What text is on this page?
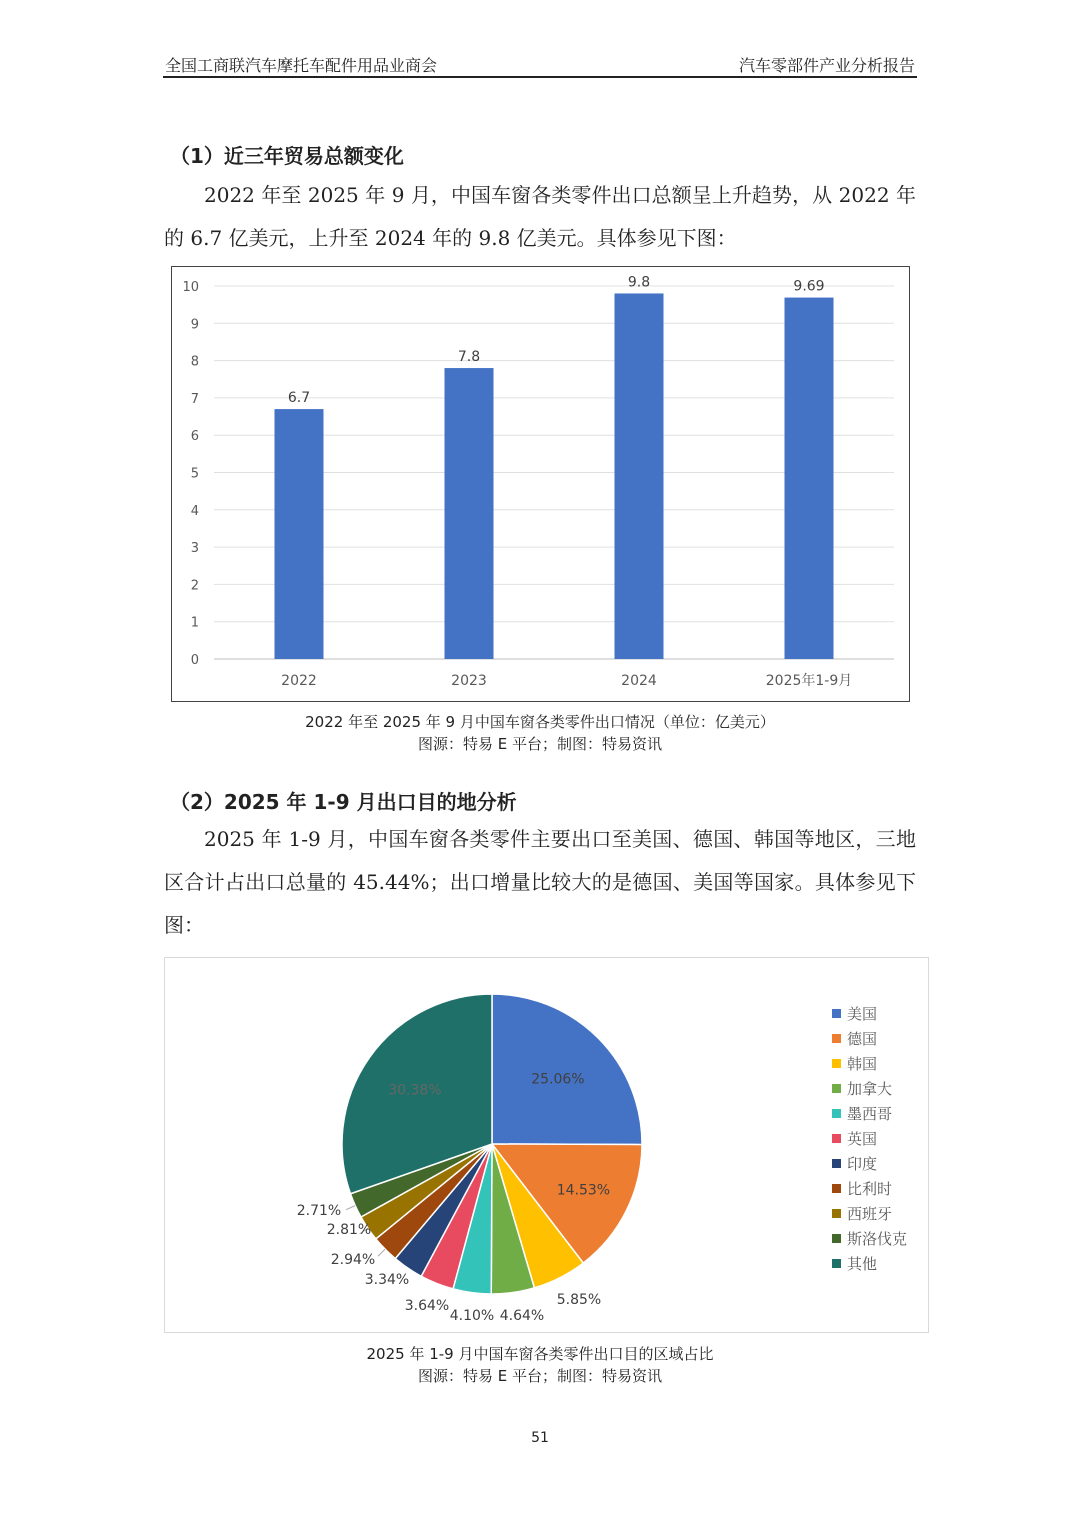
全国工商联汽车摩托车配件用品业商会	汽车零部件产业分析报告
（1）近三年贸易总额变化

2022 年至 2025 年 9 月，中国车窗各类零件出口总额呈上升趋势，从 2022 年的 6.7 亿美元，上升至 2024 年的 9.8 亿美元。具体参见下图：

0
1
2
3
4
5
6
7
8
9
10
6.7
2022
7.8
2023
9.8
2024
9.69
2025年1-9月
2022 年至 2025 年 9 月中国车窗各类零件出口情况（单位：亿美元）
图源：特易 E 平台；制图：特易资讯
（2）2025 年 1-9 月出口目的地分析

2025 年 1-9 月，中国车窗各类零件主要出口至美国、德国、韩国等地区，三地区合计占出口总量的 45.44%；出口增量比较大的是德国、美国等国家。具体参见下图：

25.06%
14.53%
5.85%
4.64%
4.10%
3.64%
3.34%
2.94%
2.81%
2.71%
30.38%
美国
德国
韩国
加拿大
墨西哥
英国
印度
比利时
西班牙
斯洛伐克
其他
2025 年 1-9 月中国车窗各类零件出口目的区域占比
图源：特易 E 平台；制图：特易资讯
51
